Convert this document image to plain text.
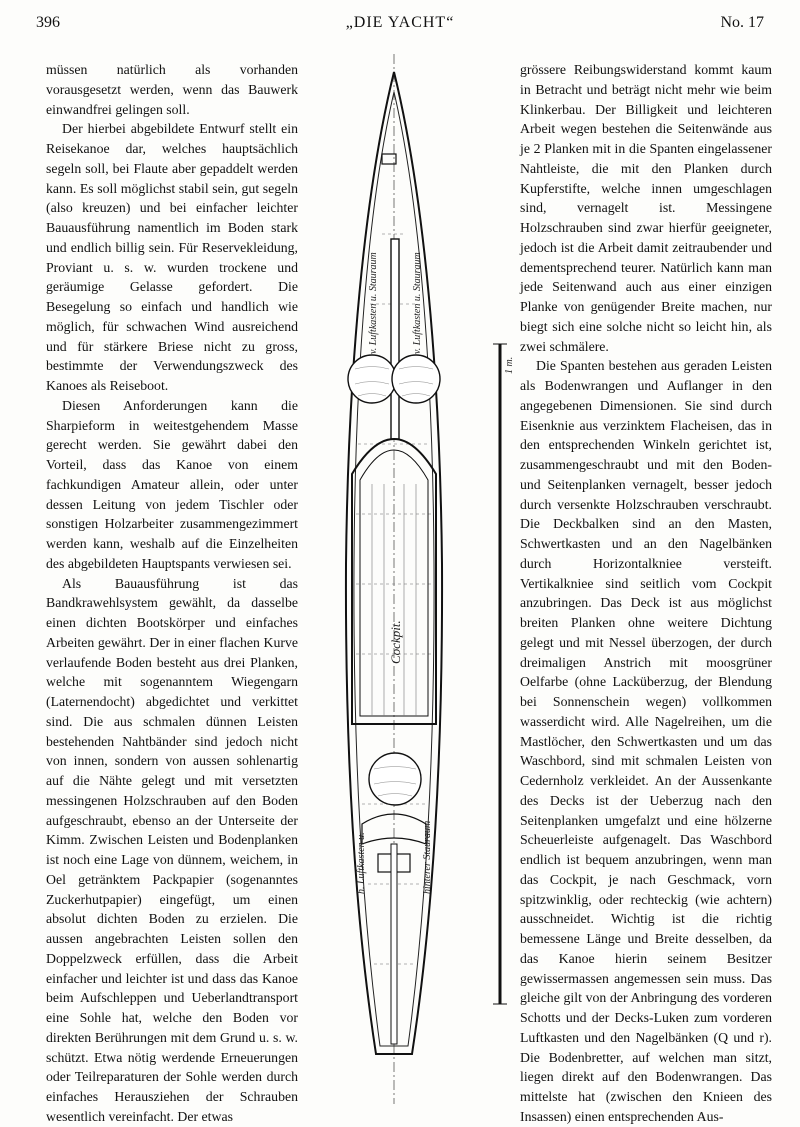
396	„DIE YACHT“	No. 17

müssen natürlich als vorhanden vorausgesetzt werden, wenn das Bauwerk einwandfrei gelingen soll.

Der hierbei abgebildete Entwurf stellt ein Reisekanoe dar, welches hauptsächlich segeln soll, bei Flaute aber gepaddelt werden kann. Es soll möglichst stabil sein, gut segeln (also kreuzen) und bei einfacher leichter Bauausführung namentlich im Boden stark und endlich billig sein. Für Reservekleidung, Proviant u. s. w. wurden trockene und geräumige Gelasse gefordert. Die Besegelung so einfach und handlich wie möglich, für schwachen Wind ausreichend und für stärkere Briese nicht zu gross, bestimmte der Verwendungszweck des Kanoes als Reiseboot.

Diesen Anforderungen kann die Sharpieform in weitestgehendem Masse gerecht werden. Sie gewährt dabei den Vorteil, dass das Kanoe von einem fachkundigen Amateur allein, oder unter dessen Leitung von jedem Tischler oder sonstigen Holzarbeiter zusammengezimmert werden kann, weshalb auf die Einzelheiten des abgebildeten Hauptspants verwiesen sei.

Als Bauausführung ist das Bandkrawehlsystem gewählt, da dasselbe einen dichten Bootskörper und einfaches Arbeiten gewährt. Der in einer flachen Kurve verlaufende Boden besteht aus drei Planken, welche mit sogenanntem Wiegengarn (Laternendocht) abgedichtet und verkittet sind. Die aus schmalen dünnen Leisten bestehenden Nahtbänder sind jedoch nicht von innen, sondern von aussen sohlenartig auf die Nähte gelegt und mit versetzten messingenen Holzschrauben auf den Boden aufgeschraubt, ebenso an der Unterseite der Kimm. Zwischen Leisten und Bodenplanken ist noch eine Lage von dünnem, weichem, in Oel getränktem Packpapier (sogenanntes Zuckerhutpapier) eingefügt, um einen absolut dichten Boden zu erzielen. Die aussen angebrachten Leisten sollen den Doppelzweck erfüllen, dass die Arbeit einfacher und leichter ist und dass das Kanoe beim Aufschleppen und Ueberlandtransport eine Sohle hat, welche den Boden vor direkten Berührungen mit dem Grund u. s. w. schützt. Etwa nötig werdende Erneuerungen oder Teilreparaturen der Sohle werden durch einfaches Herausziehen der Schrauben wesentlich vereinfacht. Der etwas

grössere Reibungswiderstand kommt kaum in Betracht und beträgt nicht mehr wie beim Klinkerbau. Der Billigkeit und leichteren Arbeit wegen bestehen die Seitenwände aus je 2 Planken mit in die Spanten eingelassener Nahtleiste, die mit den Planken durch Kupferstifte, welche innen umgeschlagen sind, vernagelt ist. Messingene Holzschrauben sind zwar hierfür geeigneter, jedoch ist die Arbeit damit zeitraubender und dementsprechend teurer. Natürlich kann man jede Seitenwand auch aus einer einzigen Planke von genügender Breite machen, nur biegt sich eine solche nicht so leicht hin, als zwei schmälere.

Die Spanten bestehen aus geraden Leisten als Bodenwrangen und Auflanger in den angegebenen Dimensionen. Sie sind durch Eisenknie aus verzinktem Flacheisen, das in den entsprechenden Winkeln gerichtet ist, zusammengeschraubt und mit den Boden- und Seitenplanken vernagelt, besser jedoch durch versenkte Holzschrauben verschraubt. Die Deckbalken sind an den Masten, Schwertkasten und an den Nagelbänken durch Horizontalkniee versteift. Vertikalkniee sind seitlich vom Cockpit anzubringen. Das Deck ist aus möglichst breiten Planken ohne weitere Dichtung gelegt und mit Nessel überzogen, der durch dreimaligen Anstrich mit moosgrüner Oelfarbe (ohne Lacküberzug, der Blendung bei Sonnenschein wegen) vollkommen wasserdicht wird. Alle Nagelreihen, um die Mastlöcher, den Schwertkasten und um das Waschbord, sind mit schmalen Leisten von Cedernholz verkleidet. An der Aussenkante des Decks ist der Ueberzug nach den Seitenplanken umgefalzt und eine hölzerne Scheuerleiste aufgenagelt. Das Waschbord endlich ist bequem anzubringen, wenn man das Cockpit, je nach Geschmack, vorn spitzwinklig, oder rechteckig (wie achtern) ausschneidet. Wichtig ist die richtig bemessene Länge und Breite desselben, da das Kanoe hierin seinem Besitzer gewissermassen angemessen sein muss. Das gleiche gilt von der Anbringung des vorderen Schotts und der Decks-Luken zum vorderen Luftkasten und den Nagelbänken (Q und r). Die Bodenbretter, auf welchen man sitzt, liegen direkt auf den Bodenwrangen. Das mittelste hat (zwischen den Knieen des Insassen) einen entsprechenden Aus-

v. Luftkasten u. Stauraum	v. Luftkasten u. Stauraum
Cockpit.
h. Luftkasten u.	hinterer Stauraum
1 m.
